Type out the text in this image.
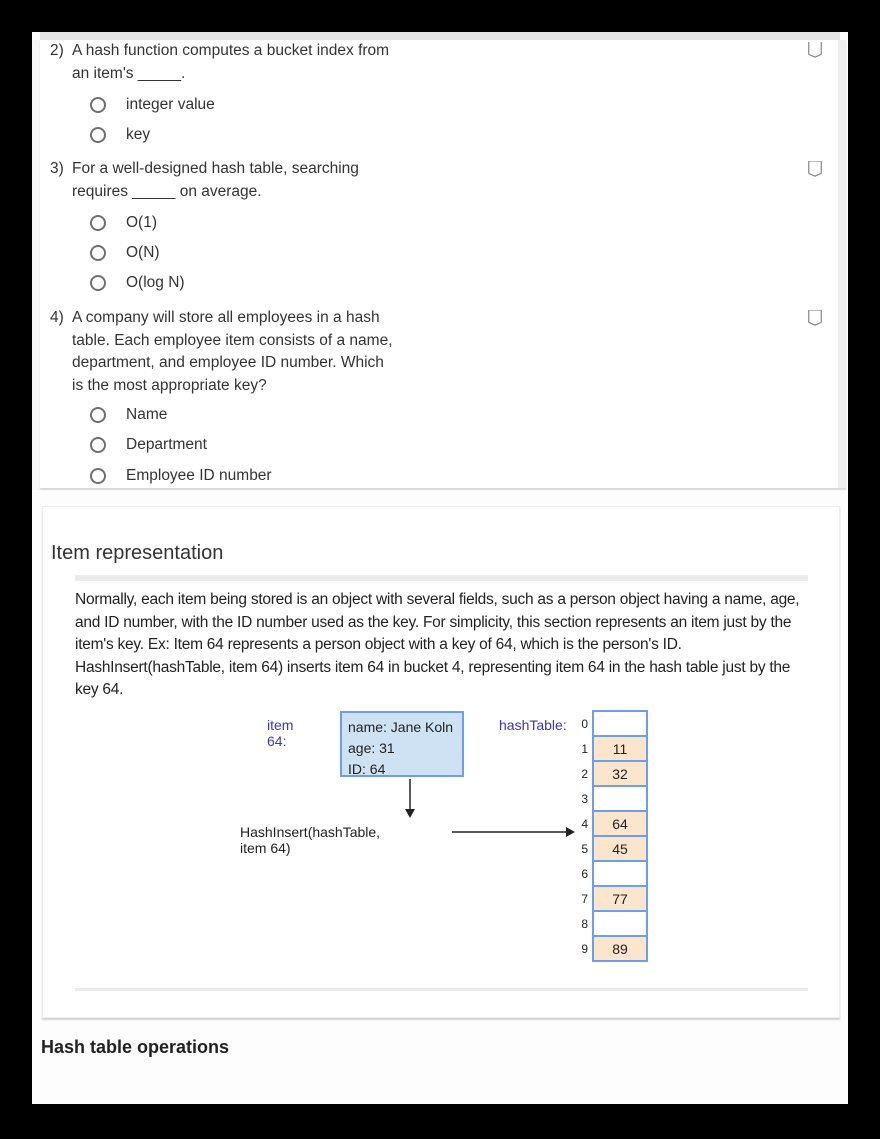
2) A hash function computes a bucket index from
an item's _____.
integer value
key
3) For a well-designed hash table, searching
requires _____ on average.
O(1)
O(N)
O(log N)
4) A company will store all employees in a hash
table. Each employee item consists of a name,
department, and employee ID number. Which
is the most appropriate key?
Name
Department
Employee ID number
Item representation

Normally, each item being stored is an object with several fields, such as a person object having a name, age, and ID number, with the ID number used as the key. For simplicity, this section represents an item just by the item's key. Ex: Item 64 represents a person object with a key of 64, which is the person's ID. HashInsert(hashTable, item 64) inserts item 64 in bucket 4, representing item 64 in the hash table just by the key 64.

item 64:
name: Jane Koln
age: 31
ID: 64
HashInsert(hashTable, item 64)
hashTable: 0
1 11
2 32
3
4 64
5 45
6
7 77
8
9 89
Hash table operations
